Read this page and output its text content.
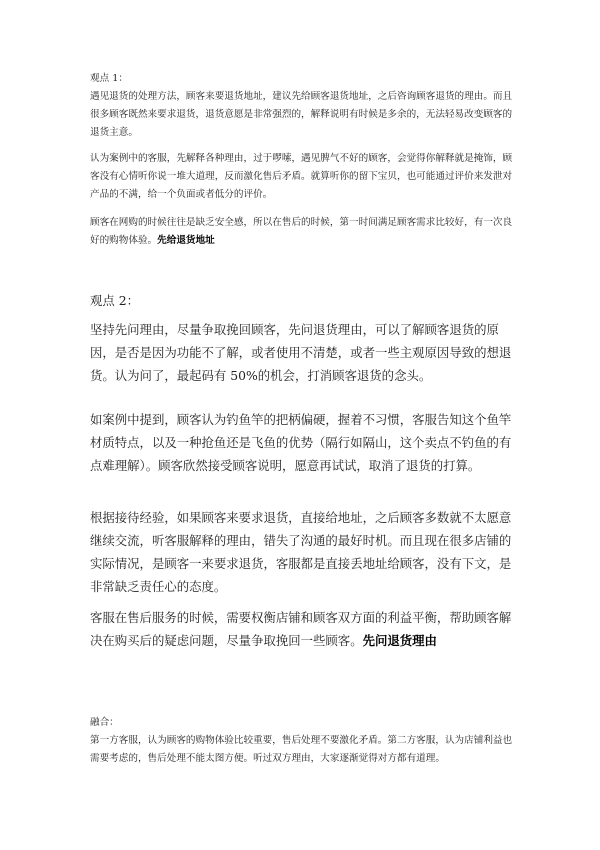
观点 1：

遇见退货的处理方法，顾客来要退货地址，建议先给顾客退货地址，之后咨询顾客退货的理由。而且很多顾客既然来要求退货，退货意愿是非常强烈的，解释说明有时候是多余的，无法轻易改变顾客的退货主意。

认为案例中的客服，先解释各种理由，过于啰嗦，遇见脾气不好的顾客，会觉得你解释就是掩饰，顾客没有心情听你说一堆大道理，反而激化售后矛盾。就算听你的留下宝贝，也可能通过评价来发泄对产品的不满，给一个负面或者低分的评价。

顾客在网购的时候往往是缺乏安全感，所以在售后的时候，第一时间满足顾客需求比较好，有一次良好的购物体验。先给退货地址

观点 2：

坚持先问理由，尽量争取挽回顾客，先问退货理由，可以了解顾客退货的原因，是否是因为功能不了解，或者使用不清楚，或者一些主观原因导致的想退货。认为问了，最起码有 50%的机会，打消顾客退货的念头。

如案例中提到，顾客认为钓鱼竿的把柄偏硬，握着不习惯，客服告知这个鱼竿材质特点，以及一种抢鱼还是飞鱼的优势（隔行如隔山，这个卖点不钓鱼的有点难理解）。顾客欣然接受顾客说明，愿意再试试，取消了退货的打算。

根据接待经验，如果顾客来要求退货，直接给地址，之后顾客多数就不太愿意继续交流，听客服解释的理由，错失了沟通的最好时机。而且现在很多店铺的实际情况，是顾客一来要求退货，客服都是直接丢地址给顾客，没有下文，是非常缺乏责任心的态度。

客服在售后服务的时候，需要权衡店铺和顾客双方面的利益平衡，帮助顾客解决在购买后的疑虑问题，尽量争取挽回一些顾客。先问退货理由

融合：

第一方客服，认为顾客的购物体验比较重要，售后处理不要激化矛盾。第二方客服，认为店铺利益也需要考虑的，售后处理不能太图方便。听过双方理由，大家逐渐觉得对方都有道理。
